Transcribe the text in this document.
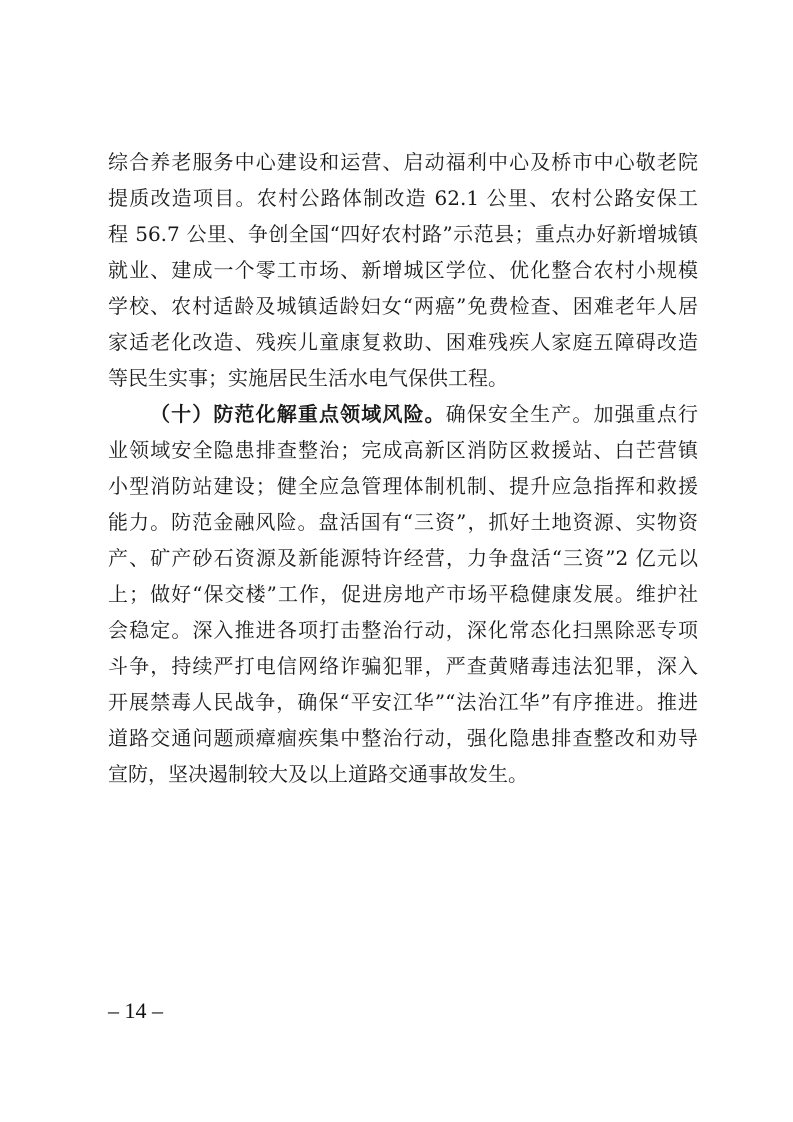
综合养老服务中心建设和运营、启动福利中心及桥市中心敬老院
提质改造项目。农村公路体制改造 62.1 公里、农村公路安保工
程 56.7 公里、争创全国“四好农村路”示范县；重点办好新增城镇
就业、建成一个零工市场、新增城区学位、优化整合农村小规模
学校、农村适龄及城镇适龄妇女“两癌”免费检查、困难老年人居
家适老化改造、残疾儿童康复救助、困难残疾人家庭五障碍改造
等民生实事；实施居民生活水电气保供工程。
（十）防范化解重点领域风险。确保安全生产。加强重点行
业领域安全隐患排查整治；完成高新区消防区救援站、白芒营镇
小型消防站建设；健全应急管理体制机制、提升应急指挥和救援
能力。防范金融风险。盘活国有“三资”，抓好土地资源、实物资
产、矿产砂石资源及新能源特许经营，力争盘活“三资”2 亿元以
上；做好“保交楼”工作，促进房地产市场平稳健康发展。维护社
会稳定。深入推进各项打击整治行动，深化常态化扫黑除恶专项
斗争，持续严打电信网络诈骗犯罪，严查黄赌毒违法犯罪，深入
开展禁毒人民战争，确保“平安江华”“法治江华”有序推进。推进
道路交通问题顽瘴痼疾集中整治行动，强化隐患排查整改和劝导
宣防，坚决遏制较大及以上道路交通事故发生。
– 14 –
